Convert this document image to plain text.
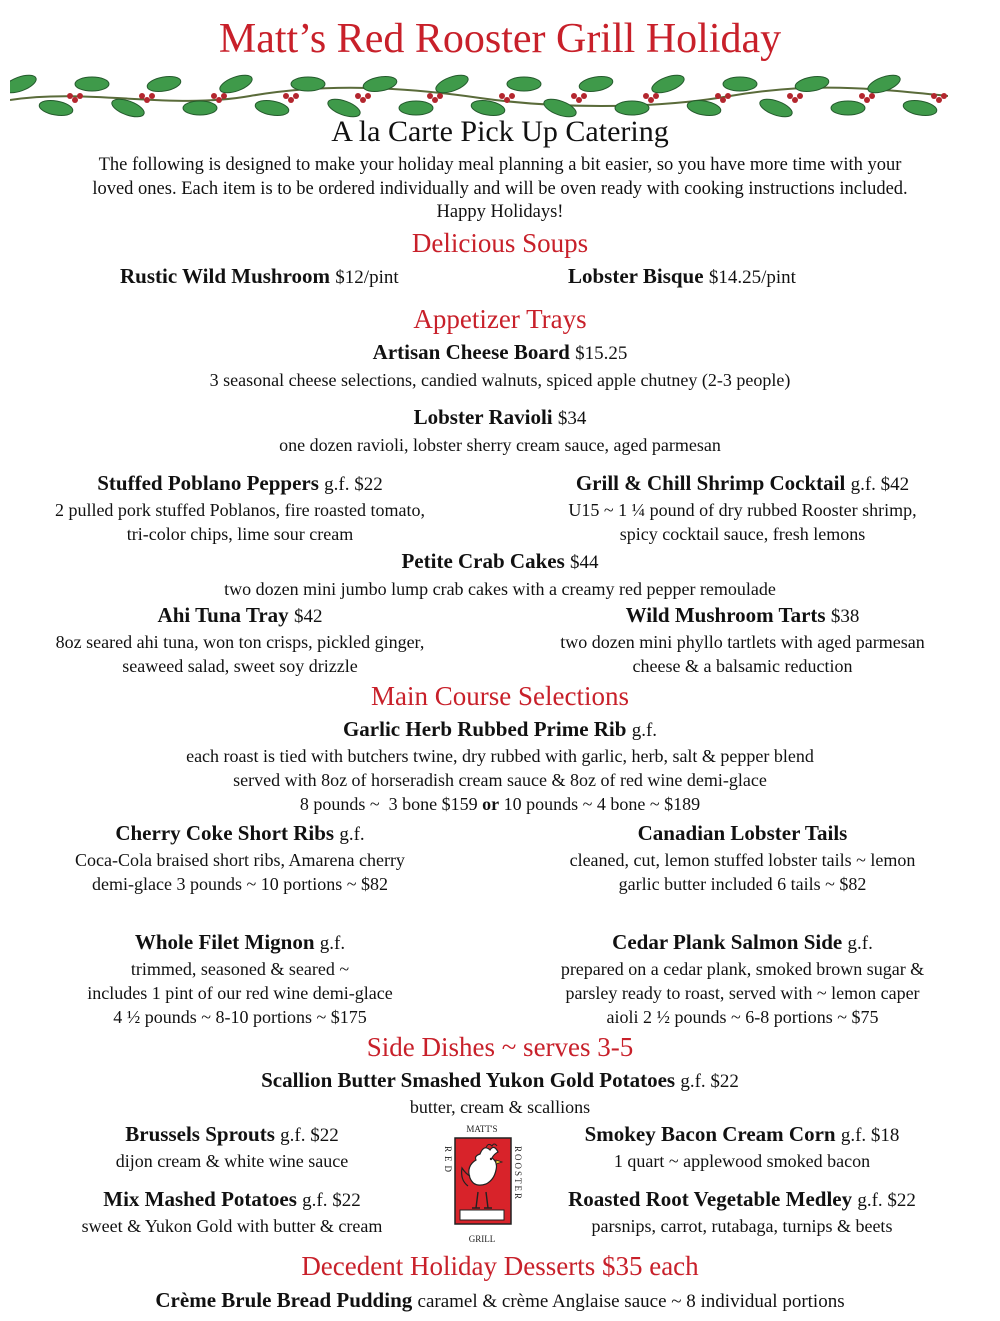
Matt’s Red Rooster Grill Holiday
A la Carte Pick Up Catering
The following is designed to make your holiday meal planning a bit easier, so you have more time with your
loved ones. Each item is to be ordered individually and will be oven ready with cooking instructions included.
Happy Holidays!
Delicious Soups
Rustic Wild Mushroom $12/pint	Lobster Bisque $14.25/pint
Appetizer Trays
Artisan Cheese Board $15.25
3 seasonal cheese selections, candied walnuts, spiced apple chutney (2-3 people)
Lobster Ravioli $34
one dozen ravioli, lobster sherry cream sauce, aged parmesan
Stuffed Poblano Peppers g.f. $22
2 pulled pork stuffed Poblanos, fire roasted tomato,
tri-color chips, lime sour cream
Grill & Chill Shrimp Cocktail g.f. $42
U15 ~ 1 ¼ pound of dry rubbed Rooster shrimp,
spicy cocktail sauce, fresh lemons
Petite Crab Cakes $44
two dozen mini jumbo lump crab cakes with a creamy red pepper remoulade
Ahi Tuna Tray $42
8oz seared ahi tuna, won ton crisps, pickled ginger,
seaweed salad, sweet soy drizzle
Wild Mushroom Tarts $38
two dozen mini phyllo tartlets with aged parmesan
cheese & a balsamic reduction
Main Course Selections
Garlic Herb Rubbed Prime Rib g.f.
each roast is tied with butchers twine, dry rubbed with garlic, herb, salt & pepper blend
served with 8oz of horseradish cream sauce & 8oz of red wine demi-glace
8 pounds ~  3 bone $159 or 10 pounds ~ 4 bone ~ $189
Cherry Coke Short Ribs g.f.
Coca-Cola braised short ribs, Amarena cherry
demi-glace 3 pounds ~ 10 portions ~ $82
Canadian Lobster Tails
cleaned, cut, lemon stuffed lobster tails ~ lemon
garlic butter included 6 tails ~ $82
Whole Filet Mignon g.f.
trimmed, seasoned & seared ~
includes 1 pint of our red wine demi-glace
4 ½ pounds ~ 8-10 portions ~ $175
Cedar Plank Salmon Side g.f.
prepared on a cedar plank, smoked brown sugar &
parsley ready to roast, served with ~ lemon caper
aioli 2 ½ pounds ~ 6-8 portions ~ $75
Side Dishes ~ serves 3-5
Scallion Butter Smashed Yukon Gold Potatoes g.f. $22
butter, cream & scallions
Brussels Sprouts g.f. $22
dijon cream & white wine sauce
Smokey Bacon Cream Corn g.f. $18
1 quart ~ applewood smoked bacon
Mix Mashed Potatoes g.f. $22
sweet & Yukon Gold with butter & cream
Roasted Root Vegetable Medley g.f. $22
parsnips, carrot, rutabaga, turnips & beets
MATT'S
RED	ROOSTER
GRILL
Decedent Holiday Desserts $35 each
Crème Brule Bread Pudding caramel & crème Anglaise sauce ~ 8 individual portions
